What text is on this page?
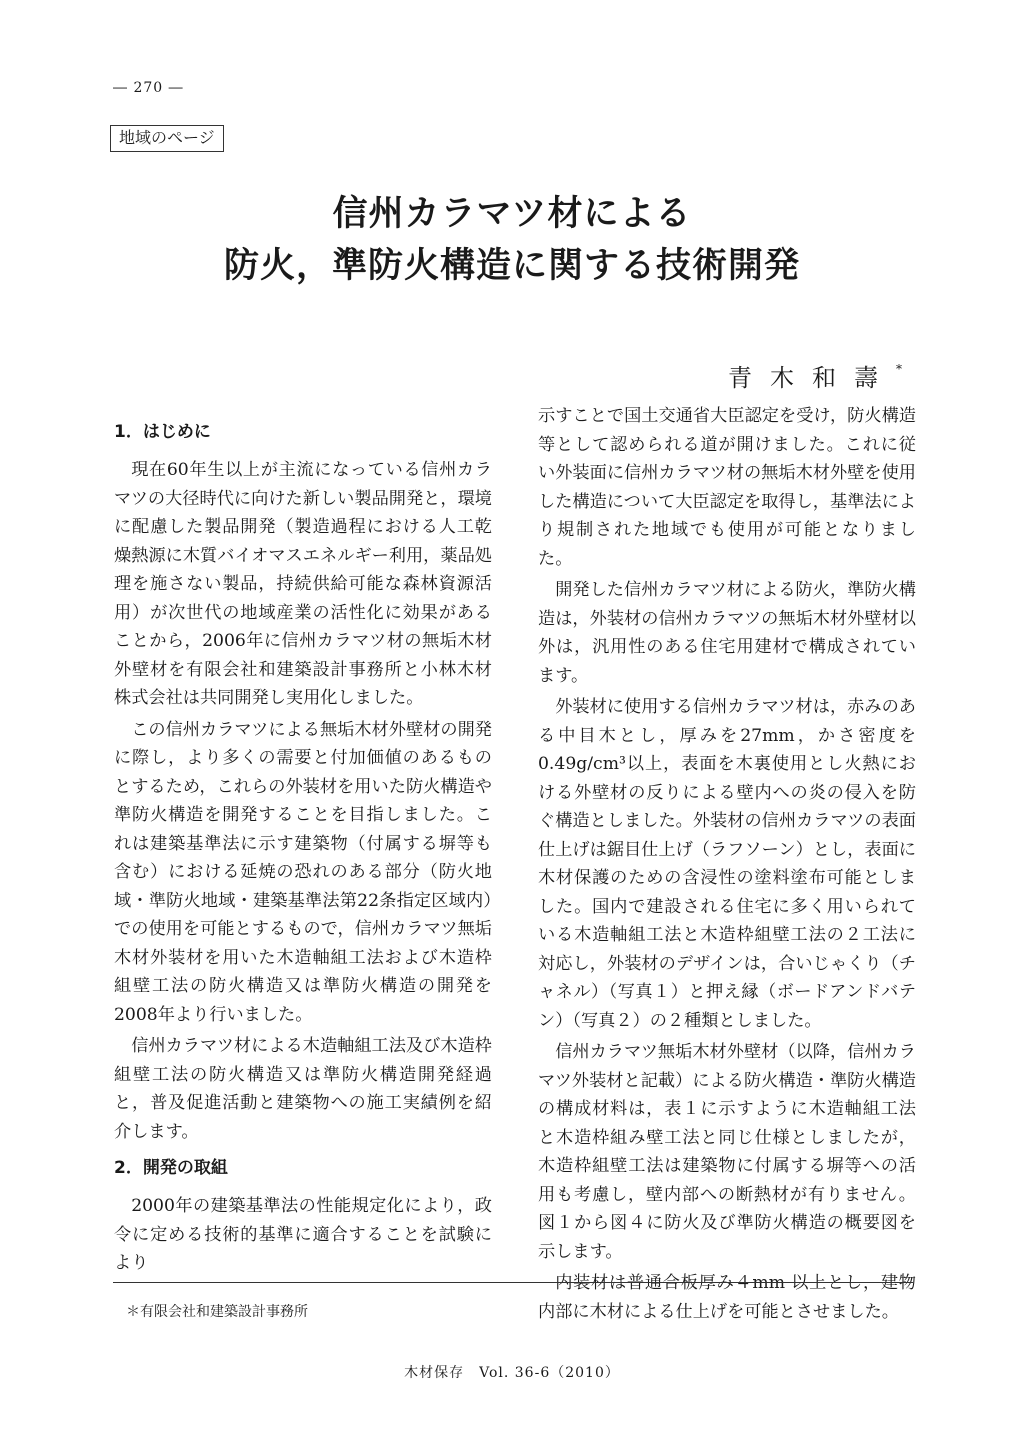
― 270 ―
地域のページ
信州カラマツ材による
防火，準防火構造に関する技術開発
青木和壽*
1．はじめに

現在60年生以上が主流になっている信州カラマツの大径時代に向けた新しい製品開発と，環境に配慮した製品開発（製造過程における人工乾燥熱源に木質バイオマスエネルギー利用，薬品処理を施さない製品，持続供給可能な森林資源活用）が次世代の地域産業の活性化に効果があることから，2006年に信州カラマツ材の無垢木材外壁材を有限会社和建築設計事務所と小林木材株式会社は共同開発し実用化しました。

この信州カラマツによる無垢木材外壁材の開発に際し，より多くの需要と付加価値のあるものとするため，これらの外装材を用いた防火構造や準防火構造を開発することを目指しました。これは建築基準法に示す建築物（付属する塀等も含む）における延焼の恐れのある部分（防火地域・準防火地域・建築基準法第22条指定区域内）での使用を可能とするもので，信州カラマツ無垢木材外装材を用いた木造軸組工法および木造枠組壁工法の防火構造又は準防火構造の開発を2008年より行いました。

信州カラマツ材による木造軸組工法及び木造枠組壁工法の防火構造又は準防火構造開発経過と，普及促進活動と建築物への施工実績例を紹介します。

2．開発の取組

2000年の建築基準法の性能規定化により，政令に定める技術的基準に適合することを試験により

示すことで国土交通省大臣認定を受け，防火構造等として認められる道が開けました。これに従い外装面に信州カラマツ材の無垢木材外壁を使用した構造について大臣認定を取得し，基準法により規制された地域でも使用が可能となりました。

開発した信州カラマツ材による防火，準防火構造は，外装材の信州カラマツの無垢木材外壁材以外は，汎用性のある住宅用建材で構成されています。

外装材に使用する信州カラマツ材は，赤みのある中目木とし，厚みを27mm，かさ密度を0.49g/cm³以上，表面を木裏使用とし火熱における外壁材の反りによる壁内への炎の侵入を防ぐ構造としました。外装材の信州カラマツの表面仕上げは鋸目仕上げ（ラフソーン）とし，表面に木材保護のための含浸性の塗料塗布可能としました。国内で建設される住宅に多く用いられている木造軸組工法と木造枠組壁工法の２工法に対応し，外装材のデザインは，合いじゃくり（チャネル）（写真１）と押え縁（ボードアンドバテン）（写真２）の２種類としました。

信州カラマツ無垢木材外壁材（以降，信州カラマツ外装材と記載）による防火構造・準防火構造の構成材料は，表１に示すように木造軸組工法と木造枠組み壁工法と同じ仕様としましたが，木造枠組壁工法は建築物に付属する塀等への活用も考慮し，壁内部への断熱材が有りません。図１から図４に防火及び準防火構造の概要図を示します。

内装材は普通合板厚み４mm 以上とし，建物内部に木材による仕上げを可能とさせました。

＊有限会社和建築設計事務所
木材保存　Vol. 36-6（2010）
